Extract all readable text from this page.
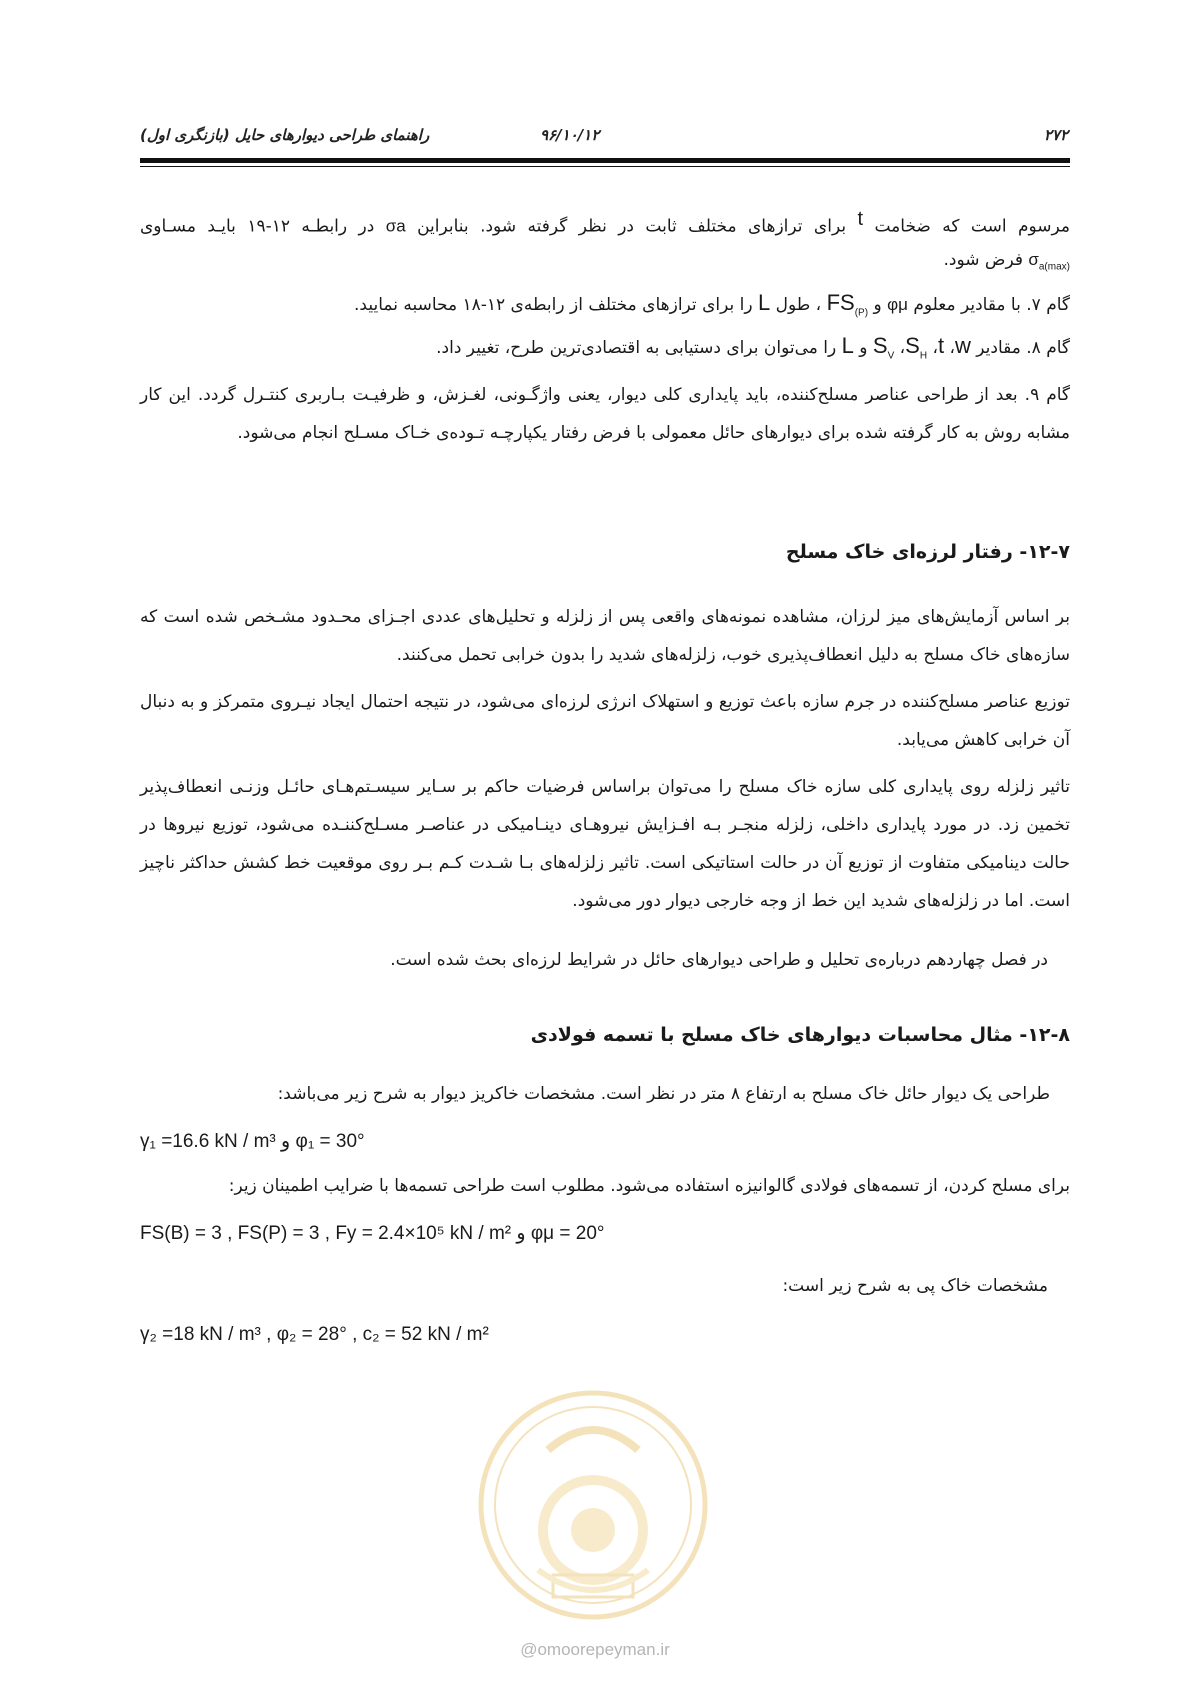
۲۷۲
۹۶/۱۰/۱۲
راهنمای طراحی دیوارهای حایل (بازنگری اول)
مرسوم است که ضخامت $^t$ برای ترازهای مختلف ثابت در نظر گرفته شود. بنابراین σa در رابطـه ۱۲-۱۹ بایـد مسـاوی
$\sigma_{a(max)}$ فرض شود.
گام ۷. با مقادیر معلوم φμ و $FS_{(P)}$ ، طول L را برای ترازهای مختلف از رابطه‌ی ۱۲-۱۸ محاسبه نمایید.
گام ۸. مقادیر w، t، $S_H،$ $S_V$ و L را می‌توان برای دستیابی به اقتصادی‌ترین طرح، تغییر داد.
گام ۹. بعد از طراحی عناصر مسلح‌کننده، باید پایداری کلی دیوار، یعنی واژگـونی، لغـزش، و ظرفیـت بـاربری کنتـرل گردد. این کار مشابه روش به کار گرفته شده برای دیوارهای حائل معمولی با فرض رفتار یکپارچـه تـوده‌ی خـاک مسـلح انجام می‌شود.
۱۲-۷- رفتار لرزه‌ای خاک مسلح
بر اساس آزمایش‌های میز لرزان، مشاهده نمونه‌های واقعی پس از زلزله و تحلیل‌های عددی اجـزای محـدود مشـخص شده است که سازه‌های خاک مسلح به دلیل انعطاف‌پذیری خوب، زلزله‌های شدید را بدون خرابی تحمل می‌کنند.
توزیع عناصر مسلح‌کننده در جرم سازه باعث توزیع و استهلاک انرژی لرزه‌ای می‌شود، در نتیجه احتمال ایجاد نیـروی متمرکز و به دنبال آن خرابی کاهش می‌یابد.
تاثیر زلزله روی پایداری کلی سازه خاک مسلح را می‌توان براساس فرضیات حاکم بر سـایر سیسـتم‌هـای حائـل وزنـی انعطاف‌پذیر تخمین زد. در مورد پایداری داخلی، زلزله منجـر بـه افـزایش نیروهـای دینـامیکی در عناصـر مسـلح‌کننـده می‌شود، توزیع نیروها در حالت دینامیکی متفاوت از توزیع آن در حالت استاتیکی است. تاثیر زلزله‌های بـا شـدت کـم بـر روی موقعیت خط کشش حداکثر ناچیز است. اما در زلزله‌های شدید این خط از وجه خارجی دیوار دور می‌شود.
در فصل چهاردهم درباره‌ی تحلیل و طراحی دیوارهای حائل در شرایط لرزه‌ای بحث شده است.
۱۲-۸- مثال محاسبات دیوارهای خاک مسلح با تسمه فولادی
طراحی یک دیوار حائل خاک مسلح به ارتفاع ۸ متر در نظر است. مشخصات خاکریز دیوار به شرح زیر می‌باشد:
γ₁ =16.6 kN / m³ و φ₁ = 30°
برای مسلح کردن، از تسمه‌های فولادی گالوانیزه استفاده می‌شود. مطلوب است طراحی تسمه‌ها با ضرایب اطمینان زیر:
FS(B) = 3 , FS(P) = 3 , Fy = 2.4×10⁵ kN / m² و φμ = 20°
مشخصات خاک پی به شرح زیر است:
γ₂ =18 kN / m³ , φ₂ = 28° , c₂ = 52 kN / m²
@omoorepeyman.ir
